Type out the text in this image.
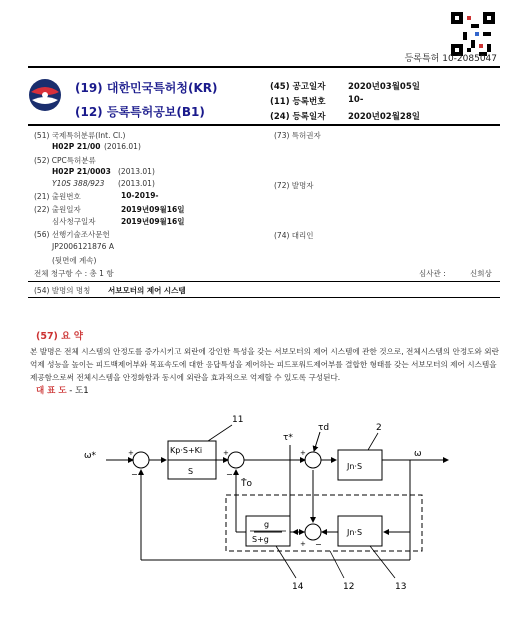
등록특허 10-2085047
(19) 대한민국특허청(KR)
(12) 등록특허공보(B1)
(45) 공고일자	2020년03월05일
(11) 등록번호	10-
(24) 등록일자	2020년02월28일
(51) 국제특허분류(Int. Cl.)
H02P 21/00 (2016.01)
(52) CPC특허분류
H02P 21/0003 (2013.01)
Y10S 388/923 (2013.01)
(21) 출원번호	10-2019-
(22) 출원일자	2019년09월16일
심사청구일자	2019년09월16일
(56) 선행기술조사문헌
JP2006121876 A
(뒷면에 계속)
(73) 특허권자
(72) 발명자
(74) 대리인
전체 청구항 수 : 총 1 항	심사관 :	신희상
(54) 발명의 명칭 서보모터의 제어 시스템
(57) 요 약
본 발명은 전체 시스템의 안정도를 증가시키고 외란에 강인한 특성을 갖는 서보모터의 제어 시스템에 관한 것으로, 전체시스템의 안정도와 외란억제 성능을 높이는 피드백제어부와 목표속도에 대한 응답특성을 제어하는 피드포워드제어부를 결합한 형태를 갖는 서보모터의 제어 시스템을 제공함으로써 전체시스템을 안정화함과 동시에 외란을 효과적으로 억제할 수 있도록 구성된다.
대 표 도 - 도1
ω*	ω
Kp·S+Ki
S
Jn·S
Jn·S
g
S+g
τ*
τd
T̂o
11
2
12	13
14
+
−
+
−
+
+ −
